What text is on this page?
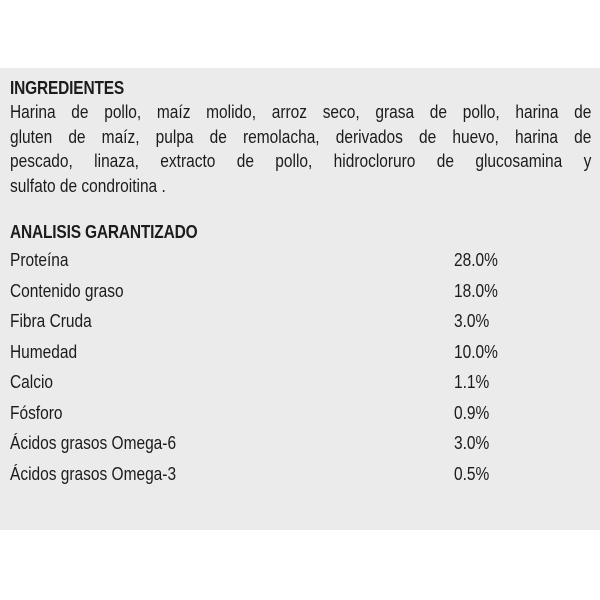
INGREDIENTES
Harina de pollo, maíz molido, arroz seco, grasa de pollo, harina de
gluten de maíz, pulpa de remolacha, derivados de huevo, harina de
pescado, linaza, extracto de pollo, hidrocloruro de glucosamina y
sulfato de condroitina .
ANALISIS GARANTIZADO
Proteína	28.0%
Contenido graso	18.0%
Fibra Cruda	3.0%
Humedad	10.0%
Calcio	1.1%
Fósforo	0.9%
Ácidos grasos Omega-6	3.0%
Ácidos grasos Omega-3	0.5%
